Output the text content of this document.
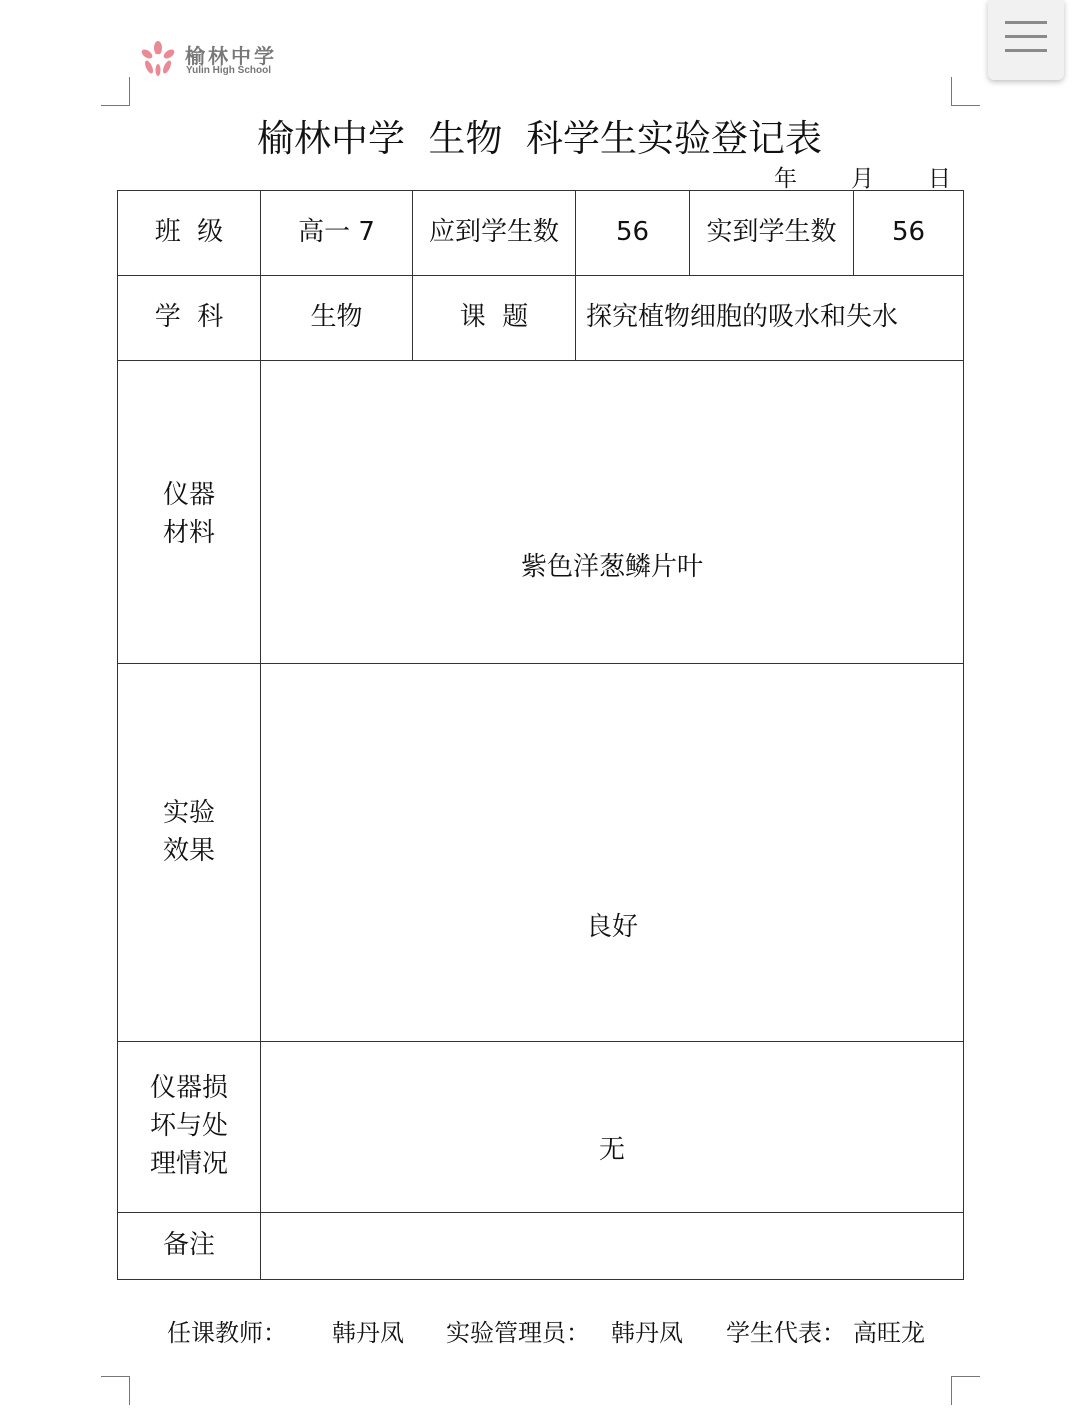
榆林中学
Yulin High School
榆林中学  生物  科学生实验登记表
年 月 日
班  级	高一 7	应到学生数	56	实到学生数	56
学  科	生物	课  题	探究植物细胞的吸水和失水		

仪器
材料	紫色洋葱鳞片叶				

实验
效果	良好				

仪器损
坏与处
理情况	无				

备注					
任课教师： 韩丹凤 实验管理员： 韩丹凤 学生代表： 高旺龙
